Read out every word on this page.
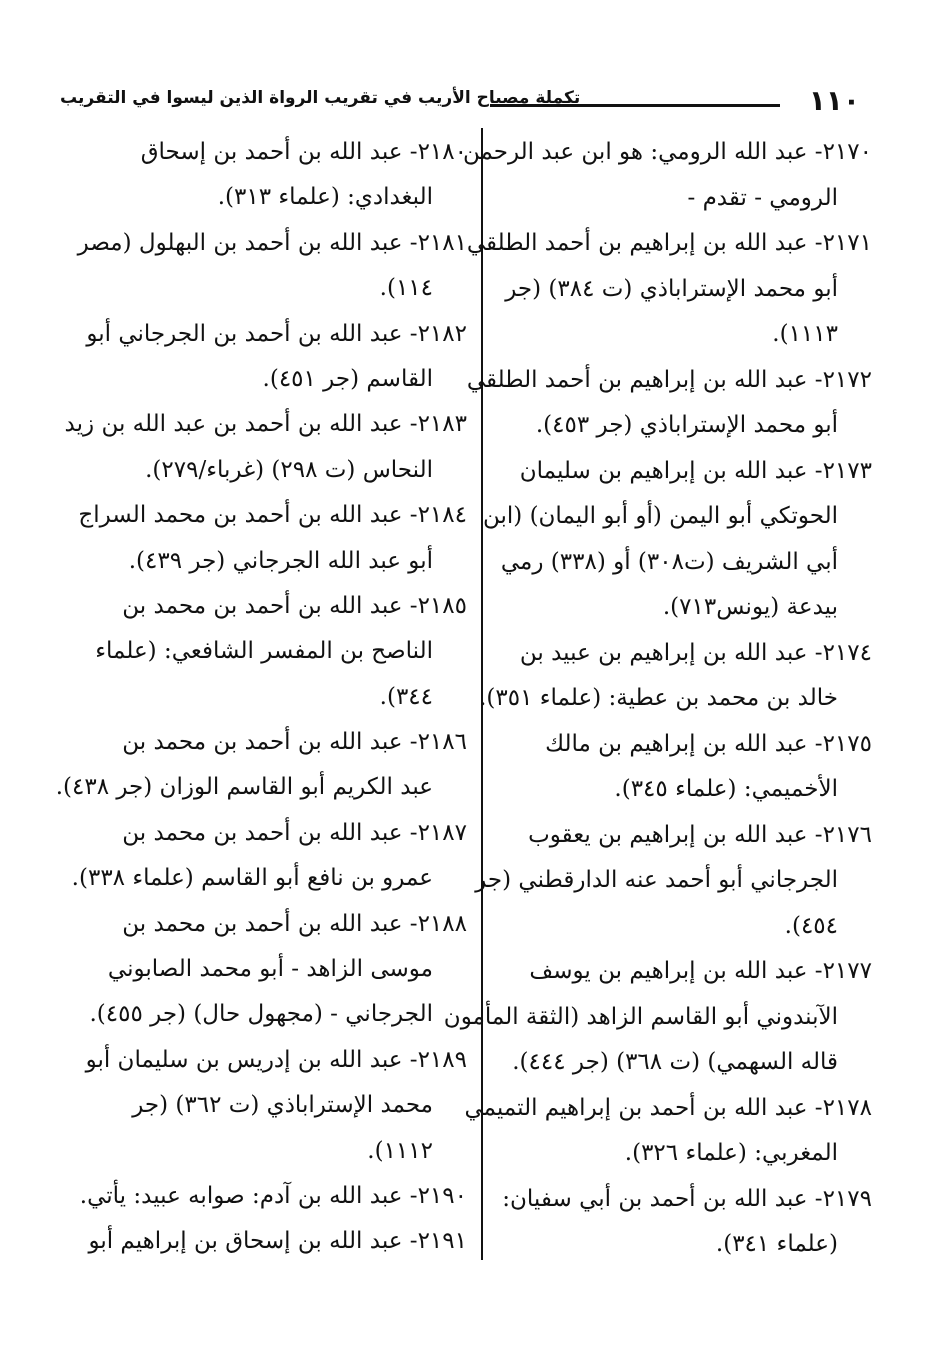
١١٠
تكملة مصباح الأريب في تقريب الرواة الذين ليسوا في التقريب
٢١٧٠- عبد الله الرومي: هو ابن عبد الرحمن
الرومي - تقدم -
٢١٧١- عبد الله بن إبراهيم بن أحمد الطلقي
أبو محمد الإستراباذي (ت ٣٨٤) (جر
١١١٣).
٢١٧٢- عبد الله بن إبراهيم بن أحمد الطلقي
أبو محمد الإستراباذي (جر ٤٥٣).
٢١٧٣- عبد الله بن إبراهيم بن سليمان
الحوتكي أبو اليمن (أو أبو اليمان) (ابن
أبي الشريف (ت٣٠٨) أو (٣٣٨) رمي
بيدعة (يونس٧١٣).
٢١٧٤- عبد الله بن إبراهيم بن عبيد بن
خالد بن محمد بن عطية: (علماء ٣٥١).
٢١٧٥- عبد الله بن إبراهيم بن مالك
الأخميمي: (علماء ٣٤٥).
٢١٧٦- عبد الله بن إبراهيم بن يعقوب
الجرجاني أبو أحمد عنه الدارقطني (جر
٤٥٤).
٢١٧٧- عبد الله بن إبراهيم بن يوسف
الآبندوني أبو القاسم الزاهد (الثقة المأمون
قاله السهمي) (ت ٣٦٨) (جر ٤٤٤).
٢١٧٨- عبد الله بن أحمد بن إبراهيم التميمي
المغربي: (علماء ٣٢٦).
٢١٧٩- عبد الله بن أحمد بن أبي سفيان:
(علماء ٣٤١).
٢١٨٠- عبد الله بن أحمد بن إسحاق
البغدادي: (علماء ٣١٣).
٢١٨١- عبد الله بن أحمد بن البهلول (مصر
١١٤).
٢١٨٢- عبد الله بن أحمد بن الجرجاني أبو
القاسم (جر ٤٥١).
٢١٨٣- عبد الله بن أحمد بن عبد الله بن زيد
النحاس (ت ٢٩٨) (غرباء/٢٧٩).
٢١٨٤- عبد الله بن أحمد بن محمد السراج
أبو عبد الله الجرجاني (جر ٤٣٩).
٢١٨٥- عبد الله بن أحمد بن محمد بن
الناصح بن المفسر الشافعي: (علماء
٣٤٤).
٢١٨٦- عبد الله بن أحمد بن محمد بن
عبد الكريم أبو القاسم الوزان (جر ٤٣٨).
٢١٨٧- عبد الله بن أحمد بن محمد بن
عمرو بن نافع أبو القاسم (علماء ٣٣٨).
٢١٨٨- عبد الله بن أحمد بن محمد بن
موسى الزاهد - أبو محمد الصابوني
الجرجاني - (مجهول حال) (جر ٤٥٥).
٢١٨٩- عبد الله بن إدريس بن سليمان أبو
محمد الإستراباذي (ت ٣٦٢) (جر
١١١٢).
٢١٩٠- عبد الله بن آدم: صوابه عبيد: يأتي.
٢١٩١- عبد الله بن إسحاق بن إبراهيم أبو
